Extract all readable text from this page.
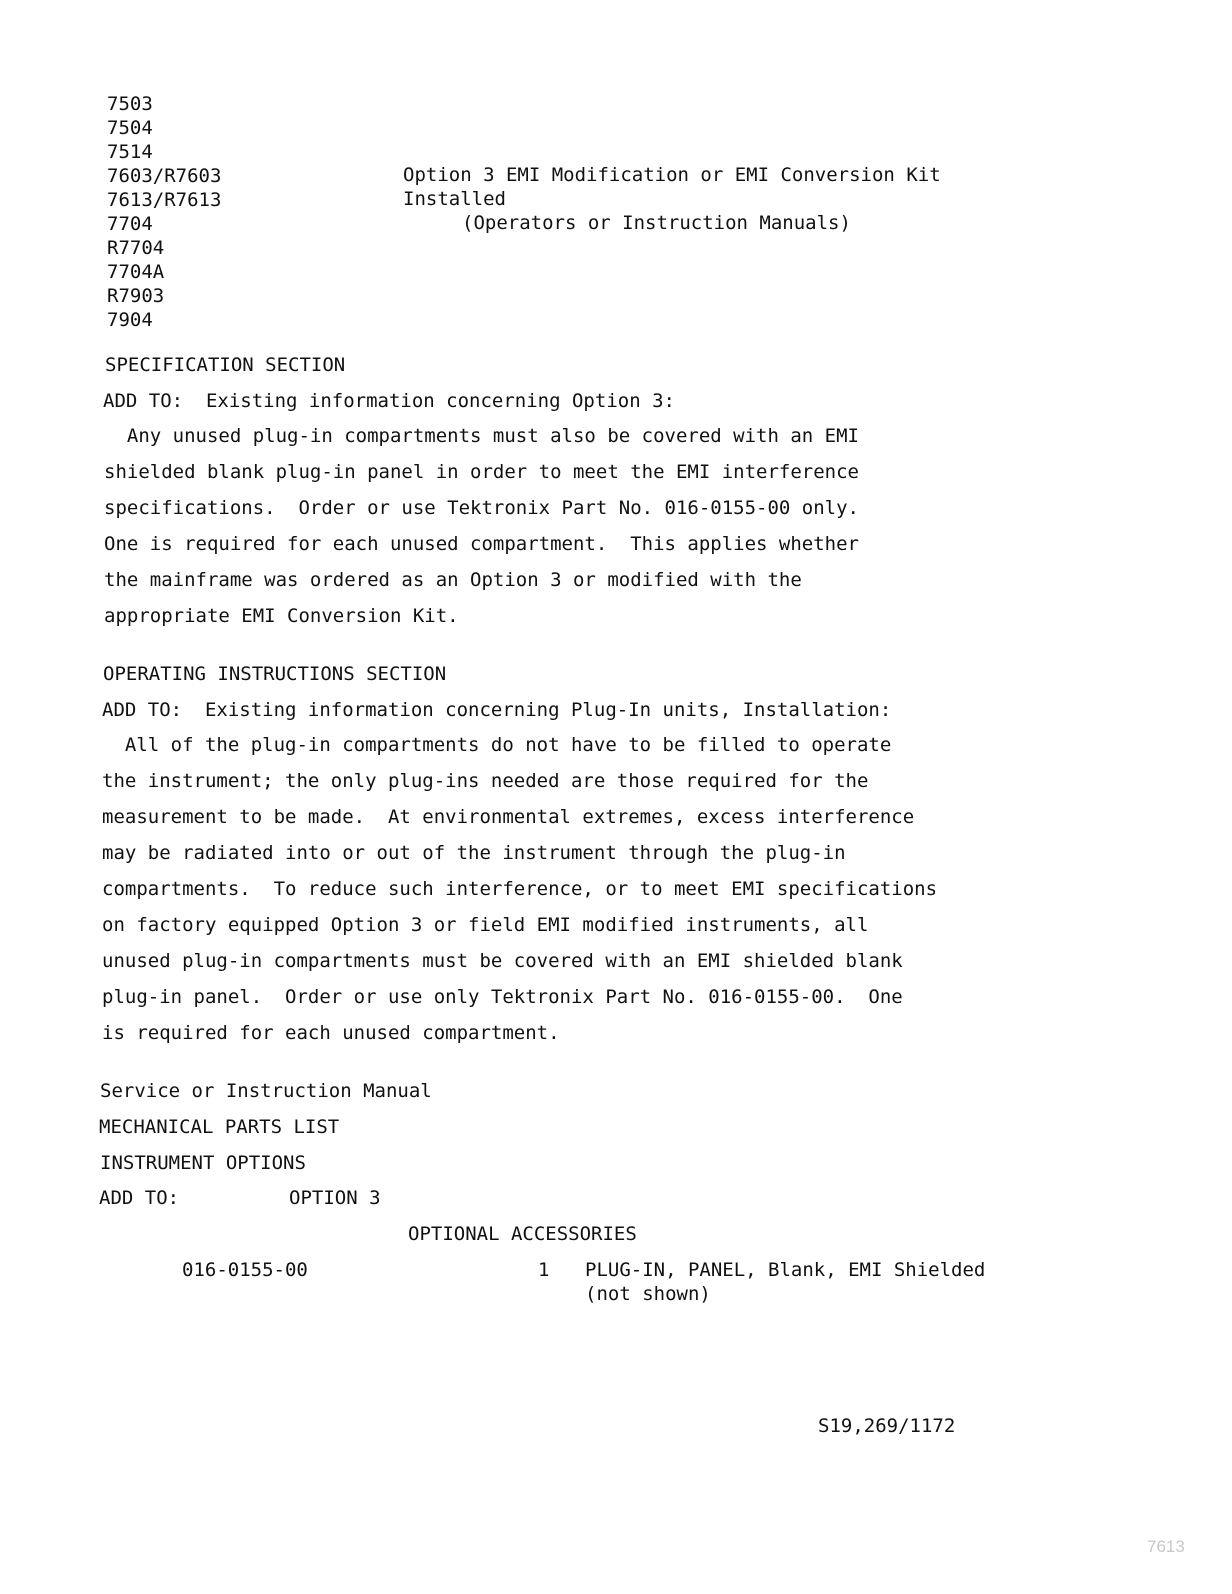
7503
7504
7514
7603/R7603
7613/R7613
7704
R7704
7704A
R7903
7904
Option 3 EMI Modification or EMI Conversion Kit
Installed
(Operators or Instruction Manuals)
SPECIFICATION SECTION
ADD TO:  Existing information concerning Option 3:
Any unused plug-in compartments must also be covered with an EMI
shielded blank plug-in panel in order to meet the EMI interference
specifications.  Order or use Tektronix Part No. 016-0155-00 only.
One is required for each unused compartment.  This applies whether
the mainframe was ordered as an Option 3 or modified with the
appropriate EMI Conversion Kit.
OPERATING INSTRUCTIONS SECTION
ADD TO:  Existing information concerning Plug-In units, Installation:
All of the plug-in compartments do not have to be filled to operate
the instrument; the only plug-ins needed are those required for the
measurement to be made.  At environmental extremes, excess interference
may be radiated into or out of the instrument through the plug-in
compartments.  To reduce such interference, or to meet EMI specifications
on factory equipped Option 3 or field EMI modified instruments, all
unused plug-in compartments must be covered with an EMI shielded blank
plug-in panel.  Order or use only Tektronix Part No. 016-0155-00.  One
is required for each unused compartment.
Service or Instruction Manual
MECHANICAL PARTS LIST
INSTRUMENT OPTIONS
ADD TO:	OPTION 3
OPTIONAL ACCESSORIES
016-0155-00	1 PLUG-IN, PANEL, Blank, EMI Shielded
(not shown)
S19,269/1172
7613
